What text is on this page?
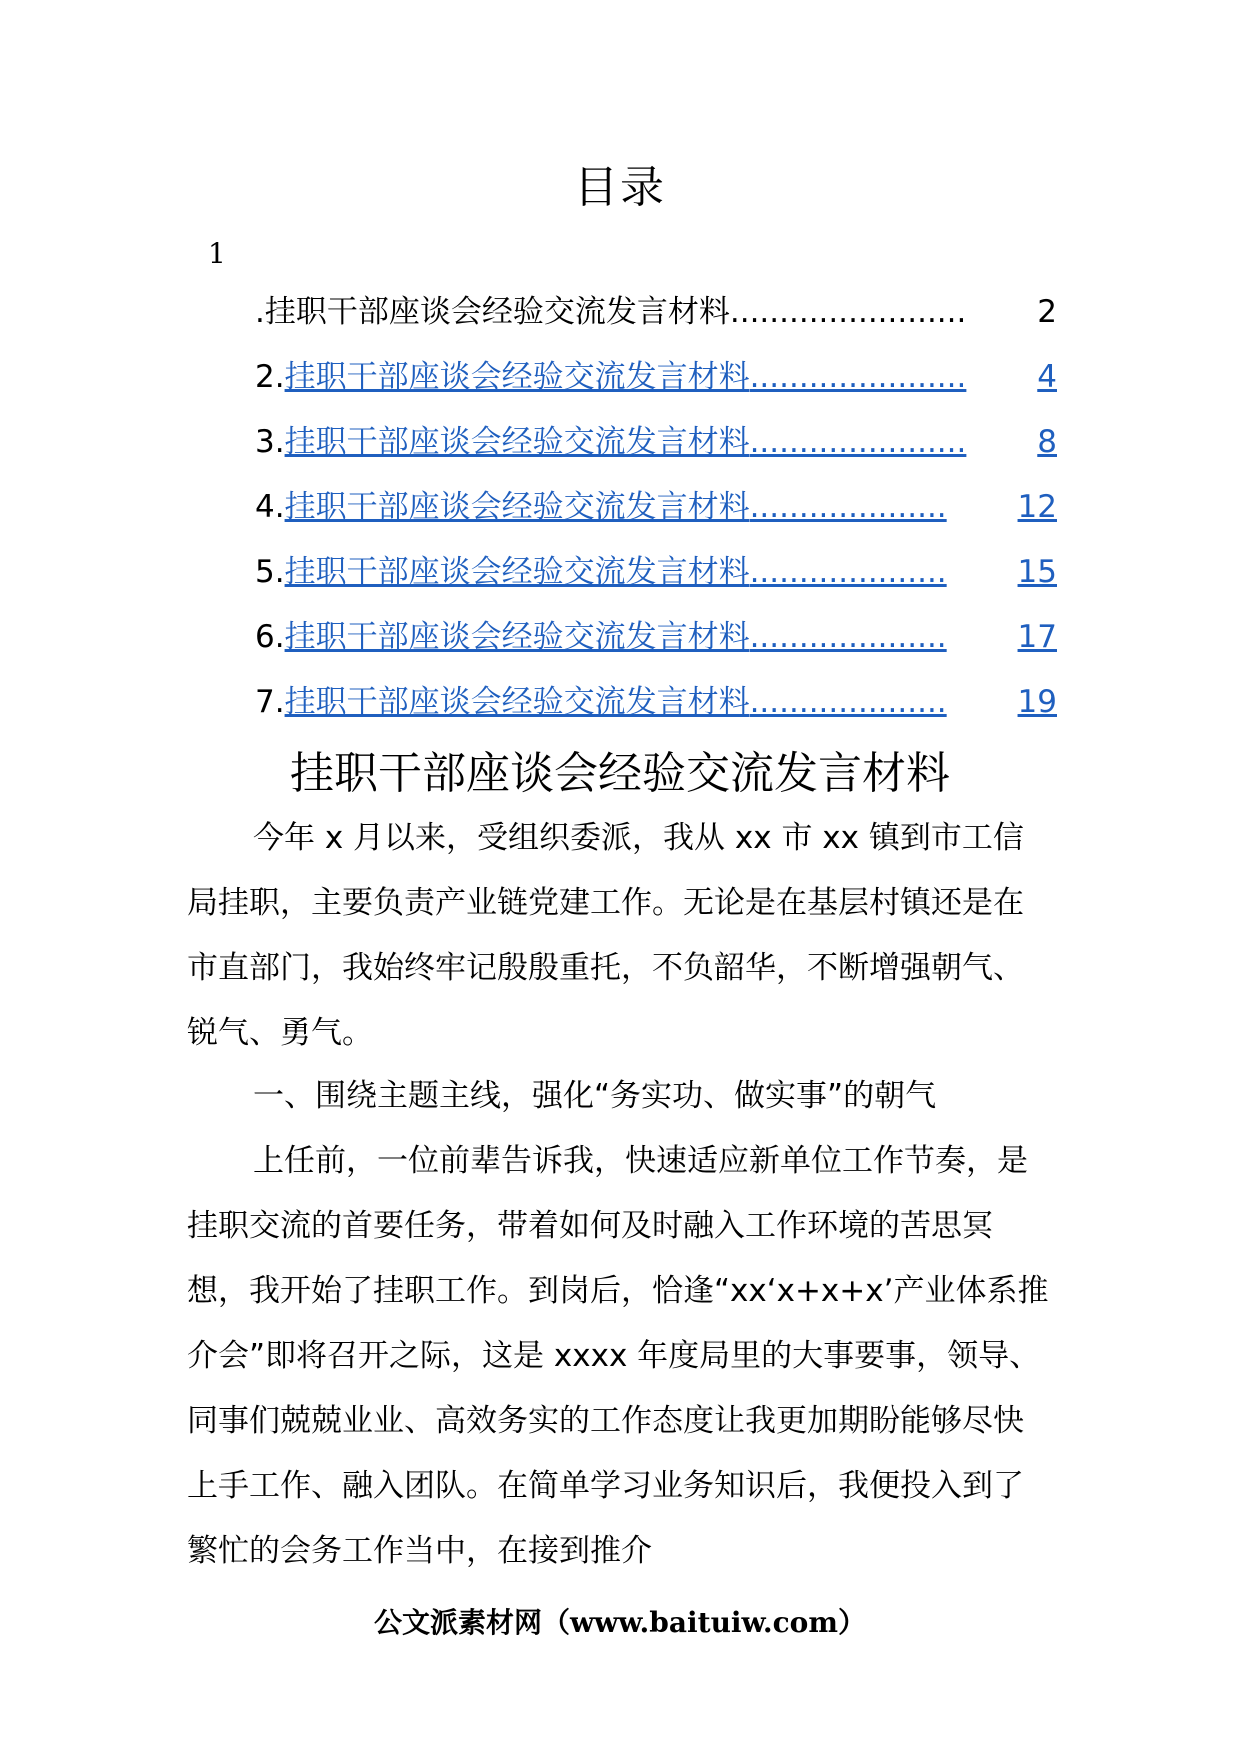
目录
1
. 挂职干部座谈会经验交流发言材料 ........................	2
2. 挂职干部座谈会经验交流发言材料 ......................	4
3. 挂职干部座谈会经验交流发言材料 ......................	8
4. 挂职干部座谈会经验交流发言材料 ....................	12
5. 挂职干部座谈会经验交流发言材料 ....................	15
6. 挂职干部座谈会经验交流发言材料 ....................	17
7. 挂职干部座谈会经验交流发言材料 ....................	19
挂职干部座谈会经验交流发言材料

今年 x 月以来，受组织委派，我从 xx 市 xx 镇到市工信局挂职，主要负责产业链党建工作。无论是在基层村镇还是在市直部门，我始终牢记殷殷重托，不负韶华，不断增强朝气、锐气、勇气。

一、围绕主题主线，强化“务实功、做实事”的朝气

上任前，一位前辈告诉我，快速适应新单位工作节奏，是挂职交流的首要任务，带着如何及时融入工作环境的苦思冥想，我开始了挂职工作。到岗后，恰逢“xx‘x+x+x’产业体系推介会”即将召开之际，这是 xxxx 年度局里的大事要事，领导、同事们兢兢业业、高效务实的工作态度让我更加期盼能够尽快上手工作、融入团队。在简单学习业务知识后，我便投入到了繁忙的会务工作当中，在接到推介

公文派素材网（www.baituiw.com）
